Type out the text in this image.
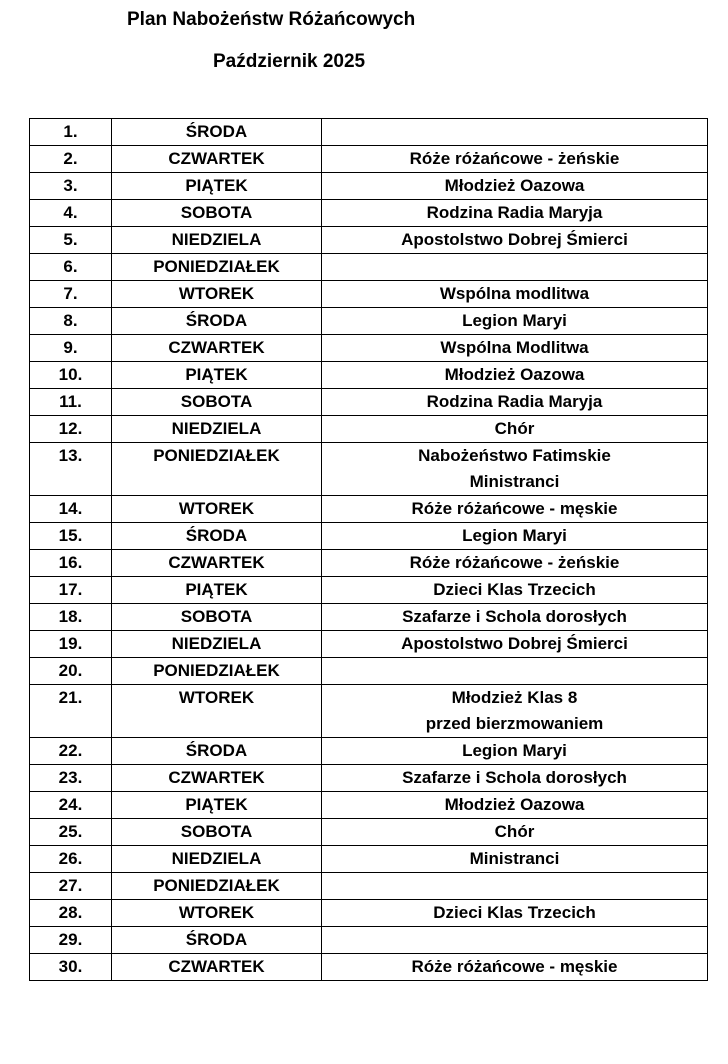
Plan Nabożeństw Różańcowych
Październik 2025
1.	ŚRODA	
2.	CZWARTEK	Róże różańcowe - żeńskie

3.	PIĄTEK	Młodzież Oazowa

4.	SOBOTA	Rodzina Radia Maryja

5.	NIEDZIELA	Apostolstwo Dobrej Śmierci

6.	PONIEDZIAŁEK	
7.	WTOREK	Wspólna modlitwa

8.	ŚRODA	Legion Maryi

9.	CZWARTEK	Wspólna Modlitwa

10.	PIĄTEK	Młodzież Oazowa

11.	SOBOTA	Rodzina Radia Maryja

12.	NIEDZIELA	Chór

13.	PONIEDZIAŁEK	Nabożeństwo Fatimskie
Ministranci

14.	WTOREK	Róże różańcowe - męskie

15.	ŚRODA	Legion Maryi

16.	CZWARTEK	Róże różańcowe - żeńskie

17.	PIĄTEK	Dzieci Klas Trzecich

18.	SOBOTA	Szafarze i Schola dorosłych

19.	NIEDZIELA	Apostolstwo Dobrej Śmierci

20.	PONIEDZIAŁEK	
21.	WTOREK	Młodzież Klas 8
przed bierzmowaniem

22.	ŚRODA	Legion Maryi

23.	CZWARTEK	Szafarze i Schola dorosłych

24.	PIĄTEK	Młodzież Oazowa

25.	SOBOTA	Chór

26.	NIEDZIELA	Ministranci

27.	PONIEDZIAŁEK	
28.	WTOREK	Dzieci Klas Trzecich

29.	ŚRODA	
30.	CZWARTEK	Róże różańcowe - męskie
